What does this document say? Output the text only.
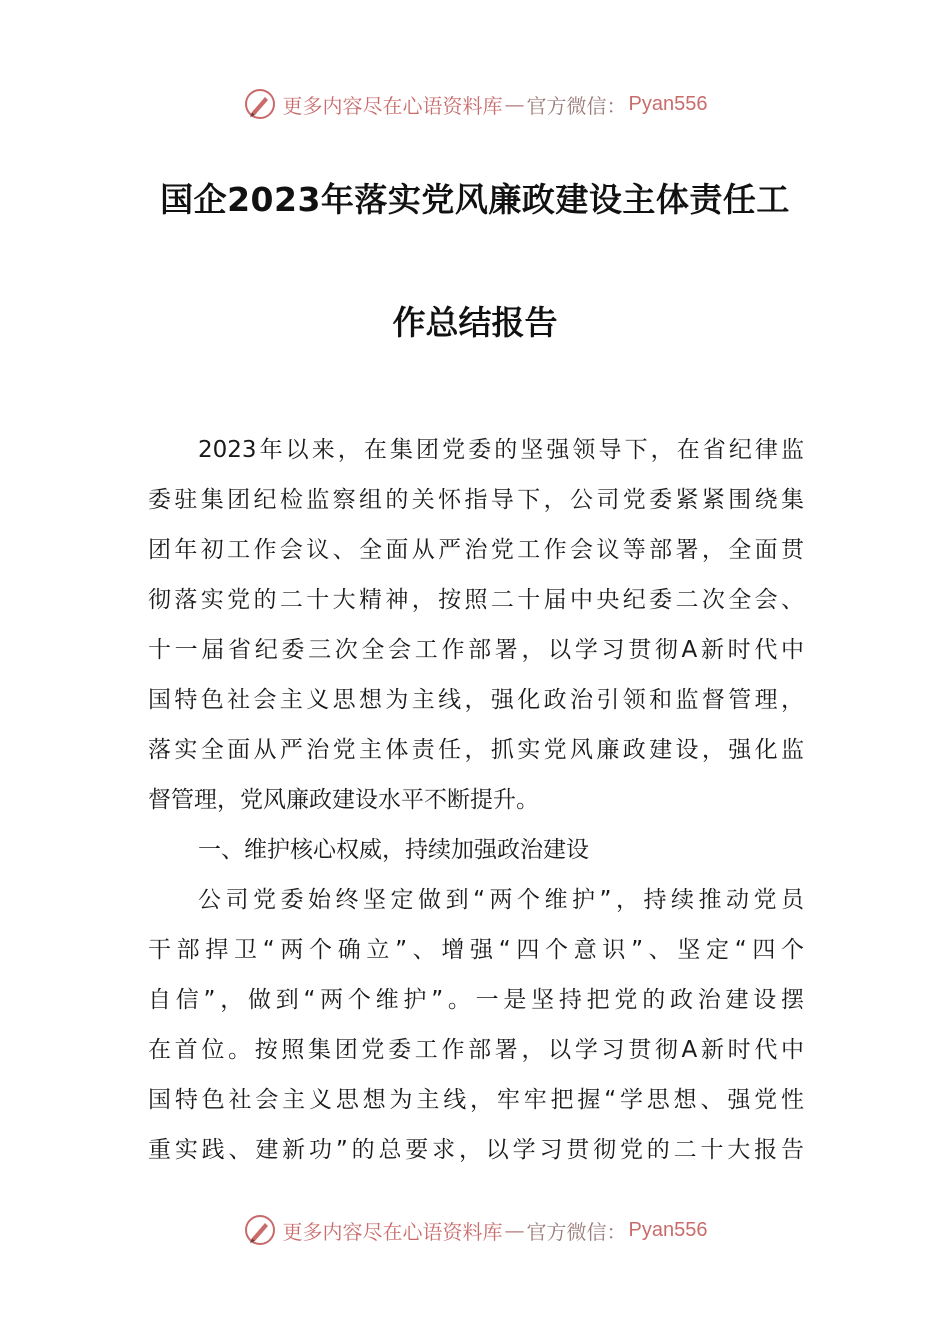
更多内容尽在心语资料库 — 官方微信： Pyan556
国企2023年落实党风廉政建设主体责任工
作总结报告
2023年以来，在集团党委的坚强领导下，在省纪律监
委驻集团纪检监察组的关怀指导下，公司党委紧紧围绕集
团年初工作会议、全面从严治党工作会议等部署，全面贯
彻落实党的二十大精神，按照二十届中央纪委二次全会、
十一届省纪委三次全会工作部署，以学习贯彻A新时代中
国特色社会主义思想为主线，强化政治引领和监督管理，
落实全面从严治党主体责任，抓实党风廉政建设，强化监
督管理，党风廉政建设水平不断提升。
一、维护核心权威，持续加强政治建设
公司党委始终坚定做到“两个维护”，持续推动党员
干部捍卫“两个确立”、增强“四个意识”、坚定“四个
自信”，做到“两个维护”。一是坚持把党的政治建设摆
在首位。按照集团党委工作部署，以学习贯彻A新时代中
国特色社会主义思想为主线，牢牢把握“学思想、强党性
重实践、建新功”的总要求，以学习贯彻党的二十大报告
更多内容尽在心语资料库 — 官方微信： Pyan556
